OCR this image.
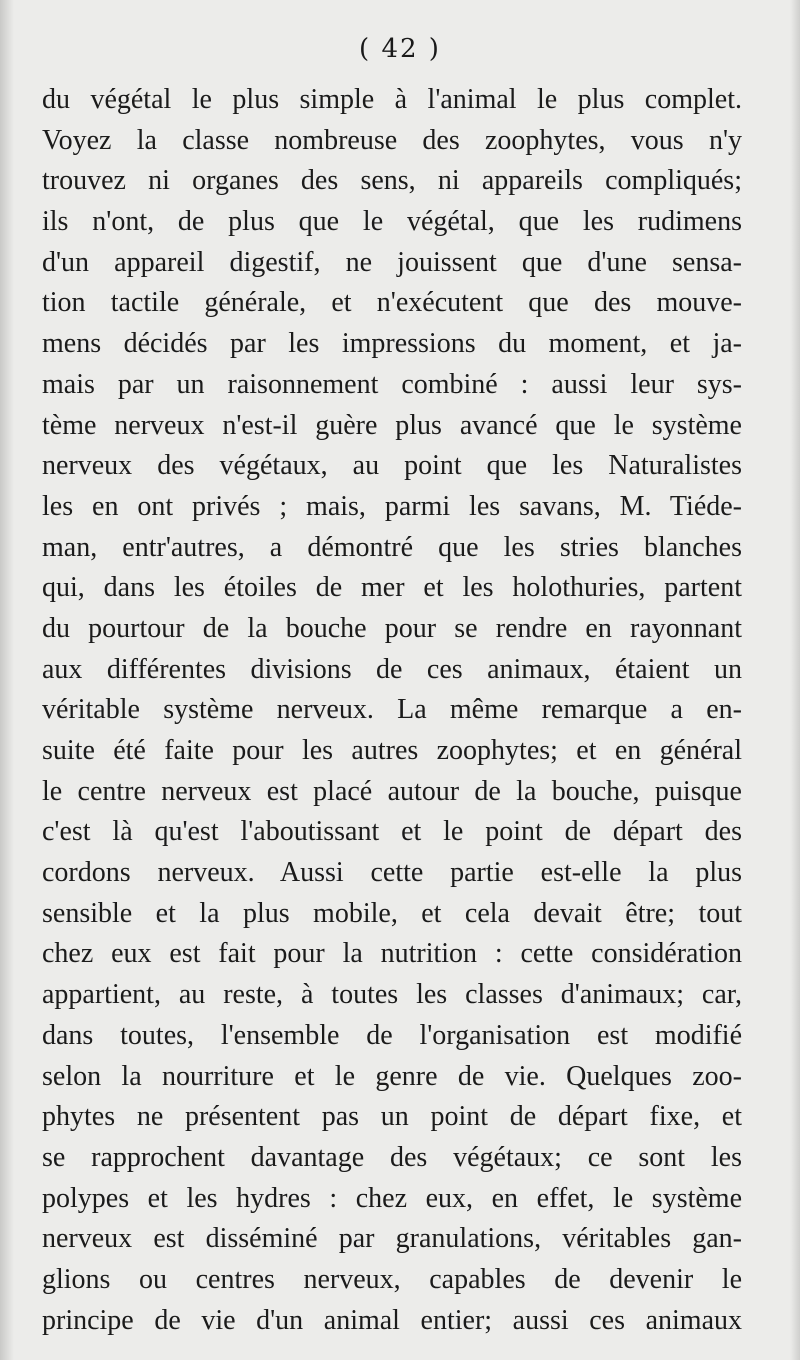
( 42 )
du végétal le plus simple à l'animal le plus complet.
Voyez la classe nombreuse des zoophytes, vous n'y
trouvez ni organes des sens, ni appareils compliqués;
ils n'ont, de plus que le végétal, que les rudimens
d'un appareil digestif, ne jouissent que d'une sensa-
tion tactile générale, et n'exécutent que des mouve-
mens décidés par les impressions du moment, et ja-
mais par un raisonnement combiné : aussi leur sys-
tème nerveux n'est-il guère plus avancé que le système
nerveux des végétaux, au point que les Naturalistes
les en ont privés ; mais, parmi les savans, M. Tiéde-
man, entr'autres, a démontré que les stries blanches
qui, dans les étoiles de mer et les holothuries, partent
du pourtour de la bouche pour se rendre en rayonnant
aux différentes divisions de ces animaux, étaient un
véritable système nerveux. La même remarque a en-
suite été faite pour les autres zoophytes; et en général
le centre nerveux est placé autour de la bouche, puisque
c'est là qu'est l'aboutissant et le point de départ des
cordons nerveux. Aussi cette partie est-elle la plus
sensible et la plus mobile, et cela devait être; tout
chez eux est fait pour la nutrition : cette considération
appartient, au reste, à toutes les classes d'animaux; car,
dans toutes, l'ensemble de l'organisation est modifié
selon la nourriture et le genre de vie. Quelques zoo-
phytes ne présentent pas un point de départ fixe, et
se rapprochent davantage des végétaux; ce sont les
polypes et les hydres : chez eux, en effet, le système
nerveux est disséminé par granulations, véritables gan-
glions ou centres nerveux, capables de devenir le
principe de vie d'un animal entier; aussi ces animaux
